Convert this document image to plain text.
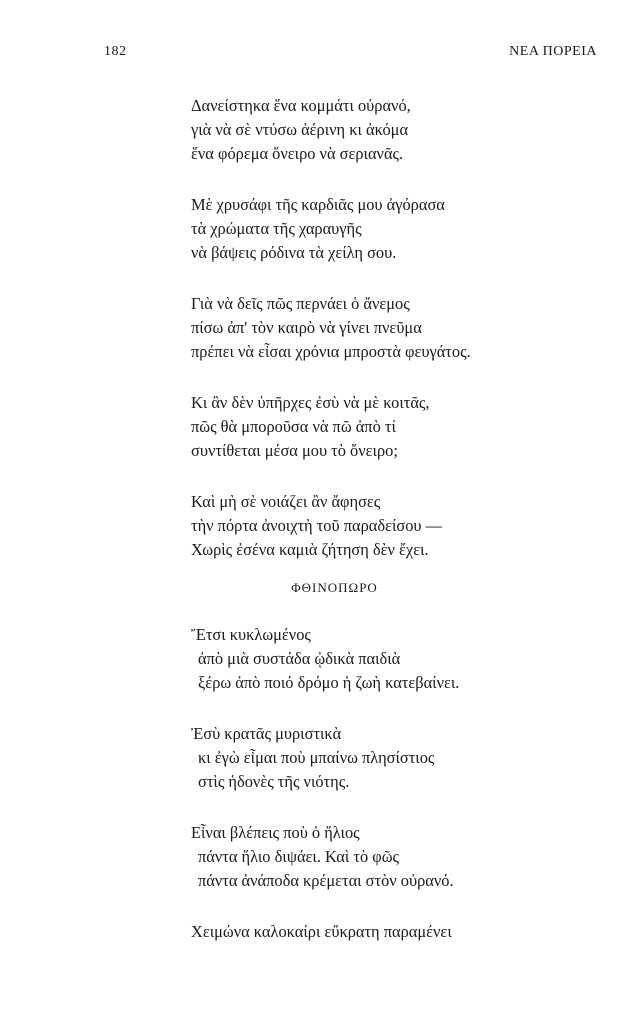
182	ΝΕΑ ΠΟΡΕΙΑ
Δανείστηκα ἕνα κομμάτι οὐρανό,
γιὰ νὰ σὲ ντύσω ἀέρινη κι ἀκόμα
ἕνα φόρεμα ὄνειρο νὰ σεριανᾶς.
Μὲ χρυσάφι τῆς καρδιᾶς μου ἀγόρασα
τὰ χρώματα τῆς χαραυγῆς
νὰ βάψεις ρόδινα τὰ χείλη σου.
Γιὰ νὰ δεῖς πῶς περνάει ὁ ἄνεμος
πίσω ἀπ' τὸν καιρὸ νὰ γίνει πνεῦμα
πρέπει νὰ εἶσαι χρόνια μπροστὰ φευγάτος.
Κι ἂν δὲν ὑπῆρχες ἐσὺ νὰ μὲ κοιτᾶς,
πῶς θὰ μποροῦσα νὰ πῶ ἀπὸ τί
συντίθεται μέσα μου τὸ ὄνειρο;
Καὶ μὴ σὲ νοιάζει ἂν ἄφησες
τὴν πόρτα ἀνοιχτὴ τοῦ παραδείσου —
Χωρὶς ἐσένα καμιὰ ζήτηση δὲν ἔχει.
ΦΘΙΝΟΠΩΡΟ
Ἔτσι κυκλωμένος
ἀπὸ μιὰ συστάδα ᾠδικὰ παιδιὰ
ξέρω ἀπὸ ποιό δρόμο ἡ ζωὴ κατεβαίνει.
Ἐσὺ κρατᾶς μυριστικὰ
κι ἐγὼ εἶμαι ποὺ μπαίνω πλησίστιος
στὶς ἡδονὲς τῆς νιότης.
Εἶναι βλέπεις ποὺ ὁ ἥλιος
πάντα ἥλιο διψάει. Καὶ τὸ φῶς
πάντα ἀνάποδα κρέμεται στὸν οὐρανό.
Χειμώνα καλοκαίρι εὔκρατη παραμένει
